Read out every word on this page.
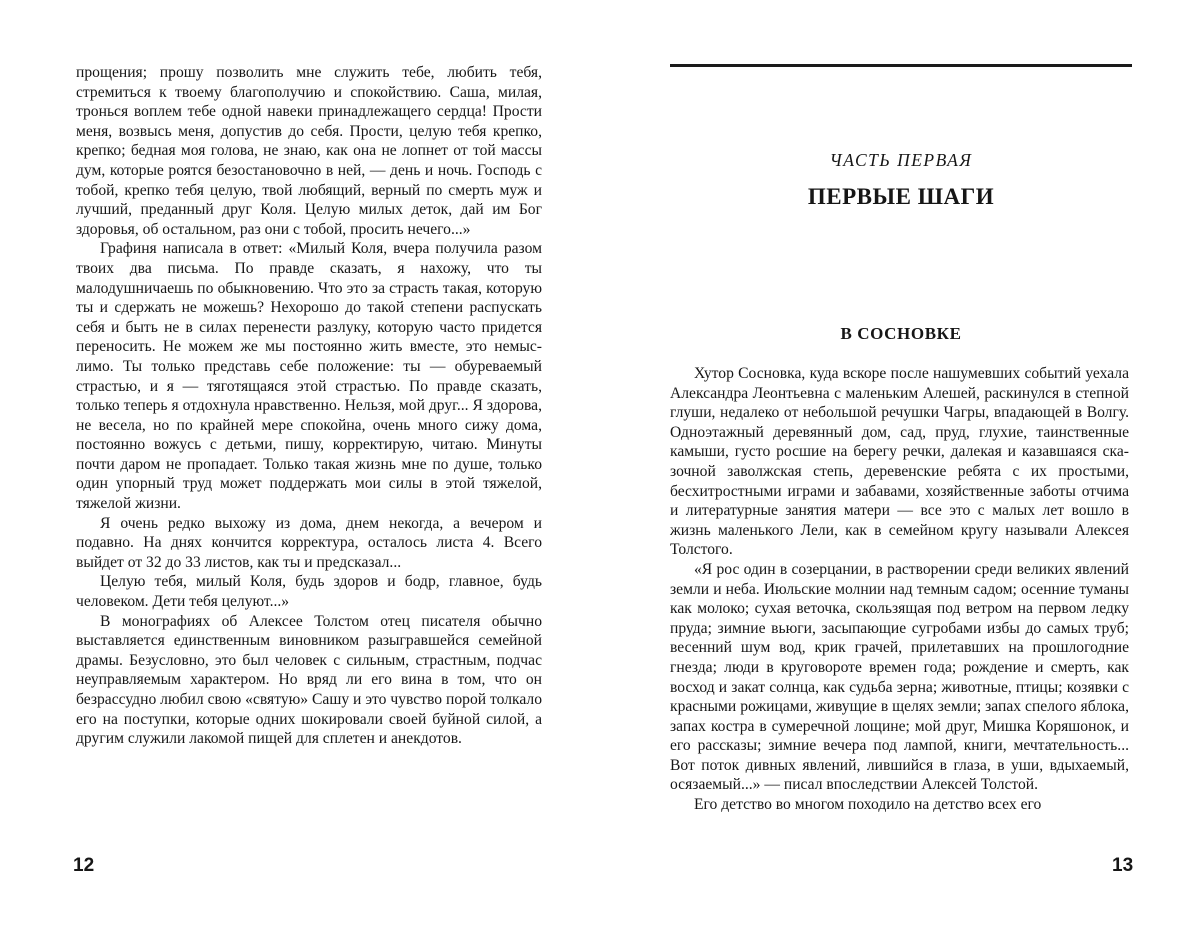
прощения; прошу позволить мне служить тебе, любить тебя, стремиться к твоему благополучию и спокойствию. Саша, милая, тронься воплем тебе одной навеки принадлежащего сердца! Прости меня, возвысь меня, допустив до себя. Прости, целую тебя крепко, крепко; бедная моя голова, не знаю, как она не лопнет от той массы дум, которые роятся безостановочно в ней, — день и ночь. Господь с тобой, крепко тебя целую, твой любящий, верный по смерть муж и лучший, преданный друг Коля. Целую милых деток, дай им Бог здоровья, об остальном, раз они с тобой, просить нечего...»

Графиня написала в ответ: «Милый Коля, вчера получила разом твоих два письма. По правде сказать, я нахожу, что ты малодушничаешь по обыкновению. Что это за страсть такая, которую ты и сдержать не можешь? Нехорошо до такой степени распускать себя и быть не в силах перенести разлуку, которую часто придется переносить. Не можем же мы постоянно жить вместе, это немыслимо. Ты только представь себе положение: ты — обуреваемый страстью, и я — тяготящаяся этой страстью. По правде сказать, только теперь я отдохнула нравственно. Нельзя, мой друг... Я здорова, не весела, но по крайней мере спокойна, очень много сижу дома, постоянно вожусь с детьми, пишу, корректирую, читаю. Минуты почти даром не пропадает. Только такая жизнь мне по душе, только один упорный труд может поддержать мои силы в этой тяжелой, тяжелой жизни.

Я очень редко выхожу из дома, днем некогда, а вечером и подавно. На днях кончится корректура, осталось листа 4. Всего выйдет от 32 до 33 листов, как ты и предсказал...

Целую тебя, милый Коля, будь здоров и бодр, главное, будь человеком. Дети тебя целуют...»

В монографиях об Алексее Толстом отец писателя обычно выставляется единственным виновником разыгравшейся семейной драмы. Безусловно, это был человек с сильным, страстным, подчас неуправляемым характером. Но вряд ли его вина в том, что он безрассудно любил свою «святую» Сашу и это чувство порой толкало его на поступки, которые одних шокировали своей буйной силой, а другим служили лакомой пищей для сплетен и анекдотов.

12
ЧАСТЬ ПЕРВАЯ
ПЕРВЫЕ ШАГИ
В СОСНОВКЕ

Хутор Сосновка, куда вскоре после нашумевших событий уехала Александра Леонтьевна с маленьким Алешей, раскинулся в степной глуши, недалеко от небольшой речушки Чагры, впадающей в Волгу. Одноэтажный деревянный дом, сад, пруд, глухие, таинственные камыши, густо росшие на берегу речки, далекая и казавшаяся сказочной заволжская степь, деревенские ребята с их простыми, бесхитростными играми и забавами, хозяйственные заботы отчима и литературные занятия матери — все это с малых лет вошло в жизнь маленького Лели, как в семейном кругу называли Алексея Толстого.

«Я рос один в созерцании, в растворении среди великих явлений земли и неба. Июльские молнии над темным садом; осенние туманы как молоко; сухая веточка, скользящая под ветром на первом ледку пруда; зимние вьюги, засыпающие сугробами избы до самых труб; весенний шум вод, крик грачей, прилетавших на прошлогодние гнезда; люди в круговороте времен года; рождение и смерть, как восход и закат солнца, как судьба зерна; животные, птицы; козявки с красными рожицами, живущие в щелях земли; запах спелого яблока, запах костра в сумеречной лощине; мой друг, Мишка Коряшонок, и его рассказы; зимние вечера под лампой, книги, мечтательность... Вот поток дивных явлений, лившийся в глаза, в уши, вдыхаемый, осязаемый...» — писал впоследствии Алексей Толстой.

Его детство во многом походило на детство всех его

13
